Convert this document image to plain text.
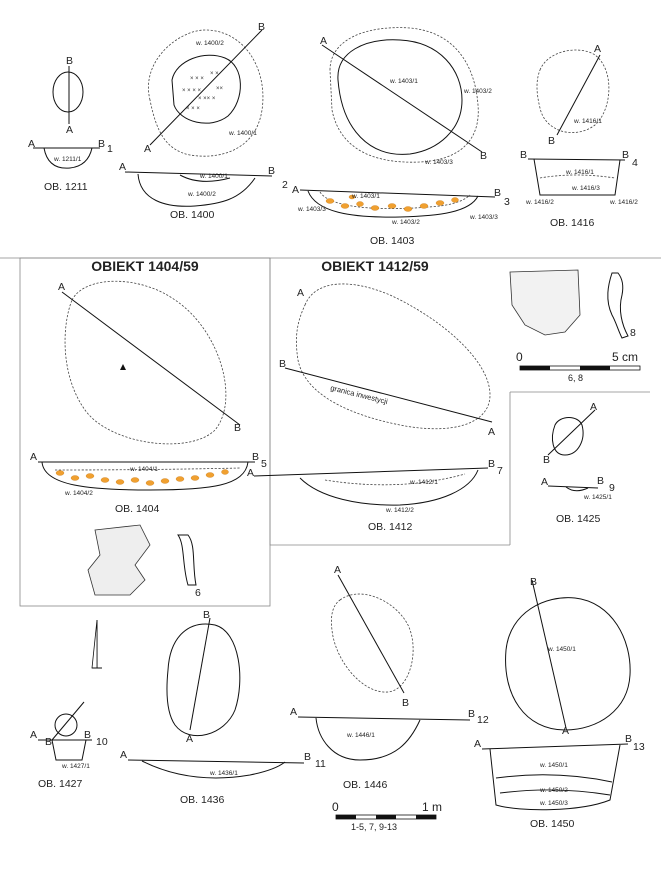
B
A
A	B 1
w. 1211/1
OB. 1211
B
A
w. 1400/2
w. 1400/1
× × ×
× × × ×
× ×× ×
× × ×
× ×
××
A	B
2
w. 1400/1
w. 1400/2
OB. 1400
A
B
w. 1403/1
w. 1403/2
w. 1403/3
A	B
3
w. 1403/1
w. 1403/2
w. 1403/3
w. 1403/3
OB. 1403
A
B
w. 1416/1
B	B
4
w. 1416/1
w. 1416/3
w. 1416/2	w. 1416/2
OB. 1416
OBIEKT 1404/59
A
B
A	B
5
w. 1404/1
w. 1404/2
OB. 1404
6
OBIEKT 1412/59
A
B
A
granica inwestycji
A
B
7
w. 1412/1
w. 1412/2
OB. 1412
8
0	5 cm
6, 8
A
B
A	B
9
w. 1425/1
OB. 1425
B
A	B
10
w. 1427/1
OB. 1427
B
A
A	B
11
w. 1436/1
OB. 1436
A
B
A	B 12
w. 1446/1
OB. 1446
0	1 m
1-5, 7, 9-13
B
A
w. 1450/1
A	B
13
w. 1450/1
w. 1450/2
w. 1450/3
OB. 1450
